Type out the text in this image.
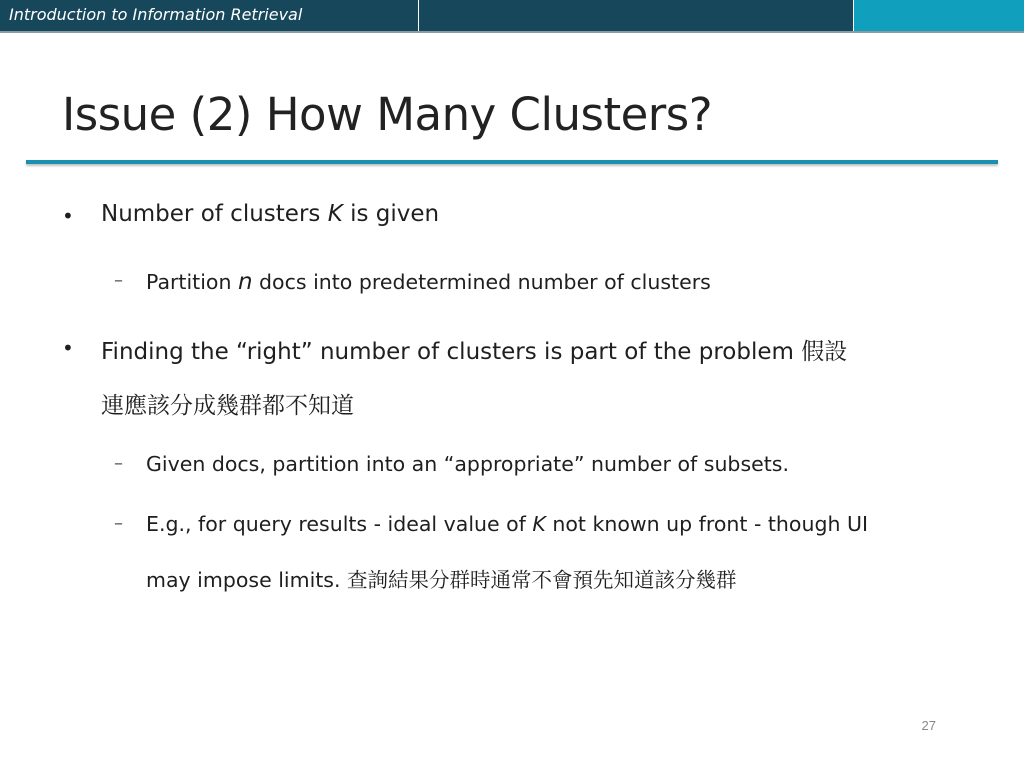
Introduction to Information Retrieval
Issue (2) How Many Clusters?
• Number of clusters K is given
– Partition n docs into predetermined number of clusters
• Finding the “right” number of clusters is part of the problem 假設
連應該分成幾群都不知道
– Given docs, partition into an “appropriate” number of subsets.
– E.g., for query results - ideal value of K not known up front - though UI
may impose limits. 查詢結果分群時通常不會預先知道該分幾群
27
